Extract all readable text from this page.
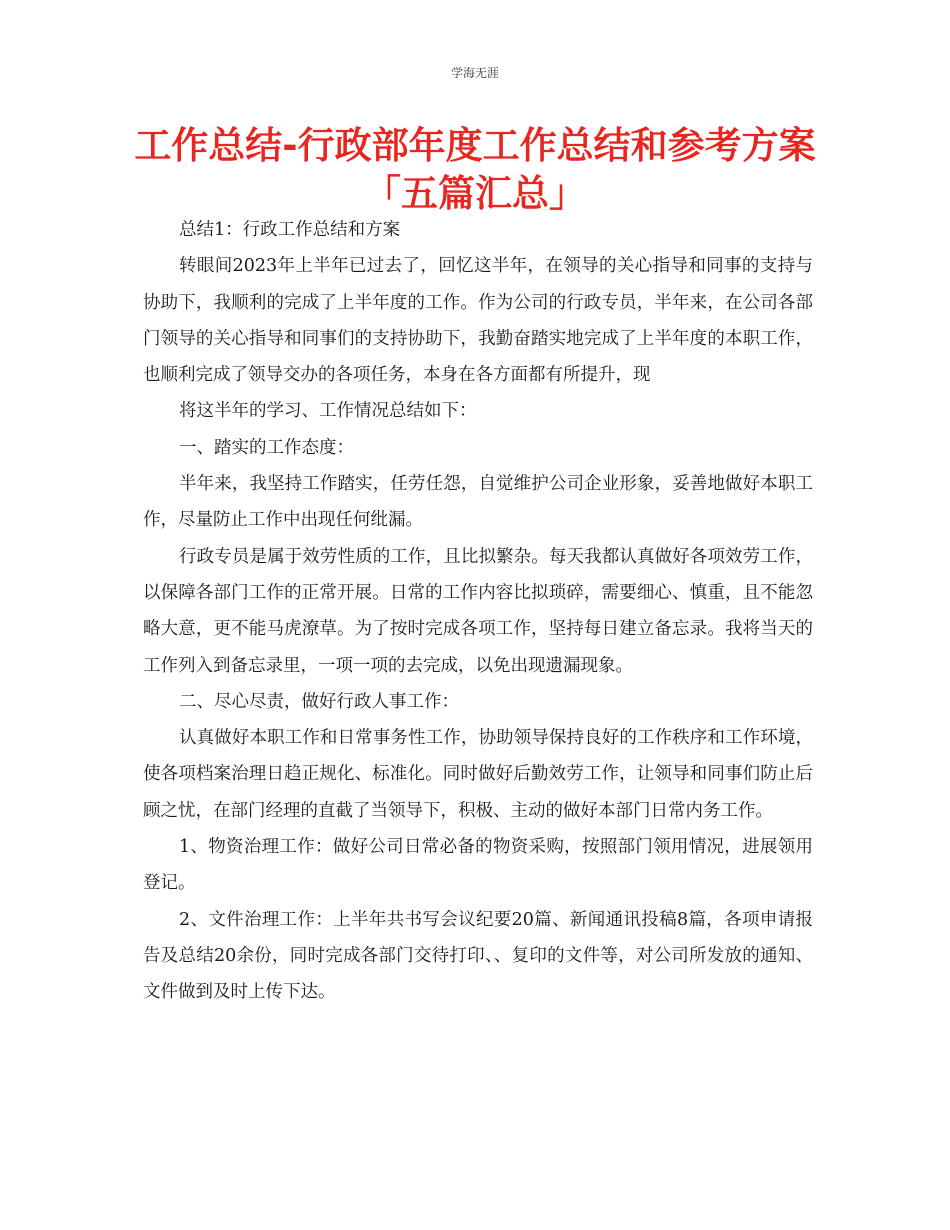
学海无涯
工作总结-行政部年度工作总结和参考方案「五篇汇总」

总结1：行政工作总结和方案

转眼间2023年上半年已过去了，回忆这半年，在领导的关心指导和同事的支持与协助下，我顺利的完成了上半年度的工作。作为公司的行政专员，半年来，在公司各部门领导的关心指导和同事们的支持协助下，我勤奋踏实地完成了上半年度的本职工作，也顺利完成了领导交办的各项任务，本身在各方面都有所提升，现

将这半年的学习、工作情况总结如下：

一、踏实的工作态度：

半年来，我坚持工作踏实，任劳任怨，自觉维护公司企业形象，妥善地做好本职工作，尽量防止工作中出现任何纰漏。

行政专员是属于效劳性质的工作，且比拟繁杂。每天我都认真做好各项效劳工作，以保障各部门工作的正常开展。日常的工作内容比拟琐碎，需要细心、慎重，且不能忽略大意，更不能马虎潦草。为了按时完成各项工作，坚持每日建立备忘录。我将当天的工作列入到备忘录里，一项一项的去完成，以免出现遗漏现象。

二、尽心尽责，做好行政人事工作：

认真做好本职工作和日常事务性工作，协助领导保持良好的工作秩序和工作环境，使各项档案治理日趋正规化、标准化。同时做好后勤效劳工作，让领导和同事们防止后顾之忧，在部门经理的直截了当领导下，积极、主动的做好本部门日常内务工作。

1、物资治理工作：做好公司日常必备的物资采购，按照部门领用情况，进展领用登记。

2、文件治理工作：上半年共书写会议纪要20篇、新闻通讯投稿8篇，各项申请报告及总结20余份，同时完成各部门交待打印、、复印的文件等，对公司所发放的通知、文件做到及时上传下达。
